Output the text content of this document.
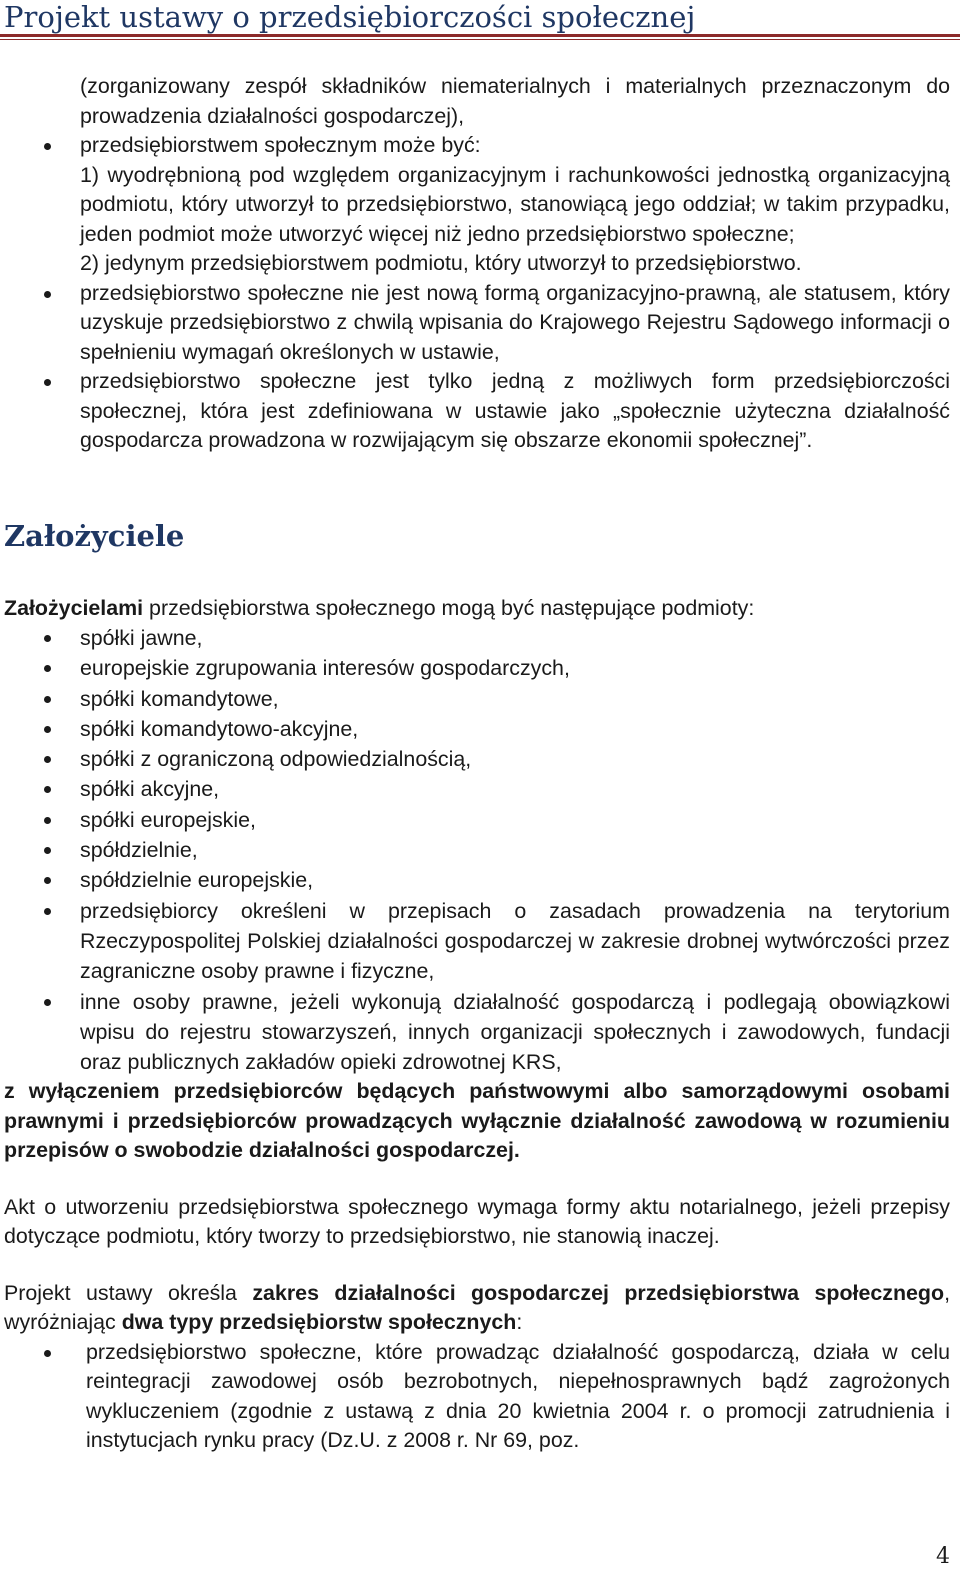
Projekt ustawy o przedsiębiorczości społecznej
(zorganizowany zespół składników niematerialnych i materialnych przeznaczonym do prowadzenia działalności gospodarczej),
przedsiębiorstwem społecznym może być:
1) wyodrębnioną pod względem organizacyjnym i rachunkowości jednostką organizacyjną podmiotu, który utworzył to przedsiębiorstwo, stanowiącą jego oddział; w takim przypadku, jeden podmiot może utworzyć więcej niż jedno przedsiębiorstwo społeczne;
2) jedynym przedsiębiorstwem podmiotu, który utworzył to przedsiębiorstwo.
przedsiębiorstwo społeczne nie jest nową formą organizacyjno-prawną, ale statusem, który uzyskuje przedsiębiorstwo z chwilą wpisania do Krajowego Rejestru Sądowego informacji o spełnieniu wymagań określonych w ustawie,
przedsiębiorstwo społeczne jest tylko jedną z możliwych form przedsiębiorczości społecznej, która jest zdefiniowana w ustawie jako „społecznie użyteczna działalność gospodarcza prowadzona w rozwijającym się obszarze ekonomii społecznej”.
Założyciele

Założycielami przedsiębiorstwa społecznego mogą być następujące podmioty:

spółki jawne,
europejskie zgrupowania interesów gospodarczych,
spółki komandytowe,
spółki komandytowo-akcyjne,
spółki z ograniczoną odpowiedzialnością,
spółki akcyjne,
spółki europejskie,
spółdzielnie,
spółdzielnie europejskie,
przedsiębiorcy określeni w przepisach o zasadach prowadzenia na terytorium Rzeczypospolitej Polskiej działalności gospodarczej w zakresie drobnej wytwórczości przez zagraniczne osoby prawne i fizyczne,
inne osoby prawne, jeżeli wykonują działalność gospodarczą i podlegają obowiązkowi wpisu do rejestru stowarzyszeń, innych organizacji społecznych i zawodowych, fundacji oraz publicznych zakładów opieki zdrowotnej KRS,

z wyłączeniem przedsiębiorców będących państwowymi albo samorządowymi osobami prawnymi i przedsiębiorców prowadzących wyłącznie działalność zawodową w rozumieniu przepisów o swobodzie działalności gospodarczej.

Akt o utworzeniu przedsiębiorstwa społecznego wymaga formy aktu notarialnego, jeżeli przepisy dotyczące podmiotu, który tworzy to przedsiębiorstwo, nie stanowią inaczej.

Projekt ustawy określa zakres działalności gospodarczej przedsiębiorstwa społecznego, wyróżniając dwa typy przedsiębiorstw społecznych:

przedsiębiorstwo społeczne, które prowadząc działalność gospodarczą, działa w celu reintegracji zawodowej osób bezrobotnych, niepełnosprawnych bądź zagrożonych wykluczeniem (zgodnie z ustawą z dnia 20 kwietnia 2004 r. o promocji zatrudnienia i instytucjach rynku pracy (Dz.U. z 2008 r. Nr 69, poz.
4
